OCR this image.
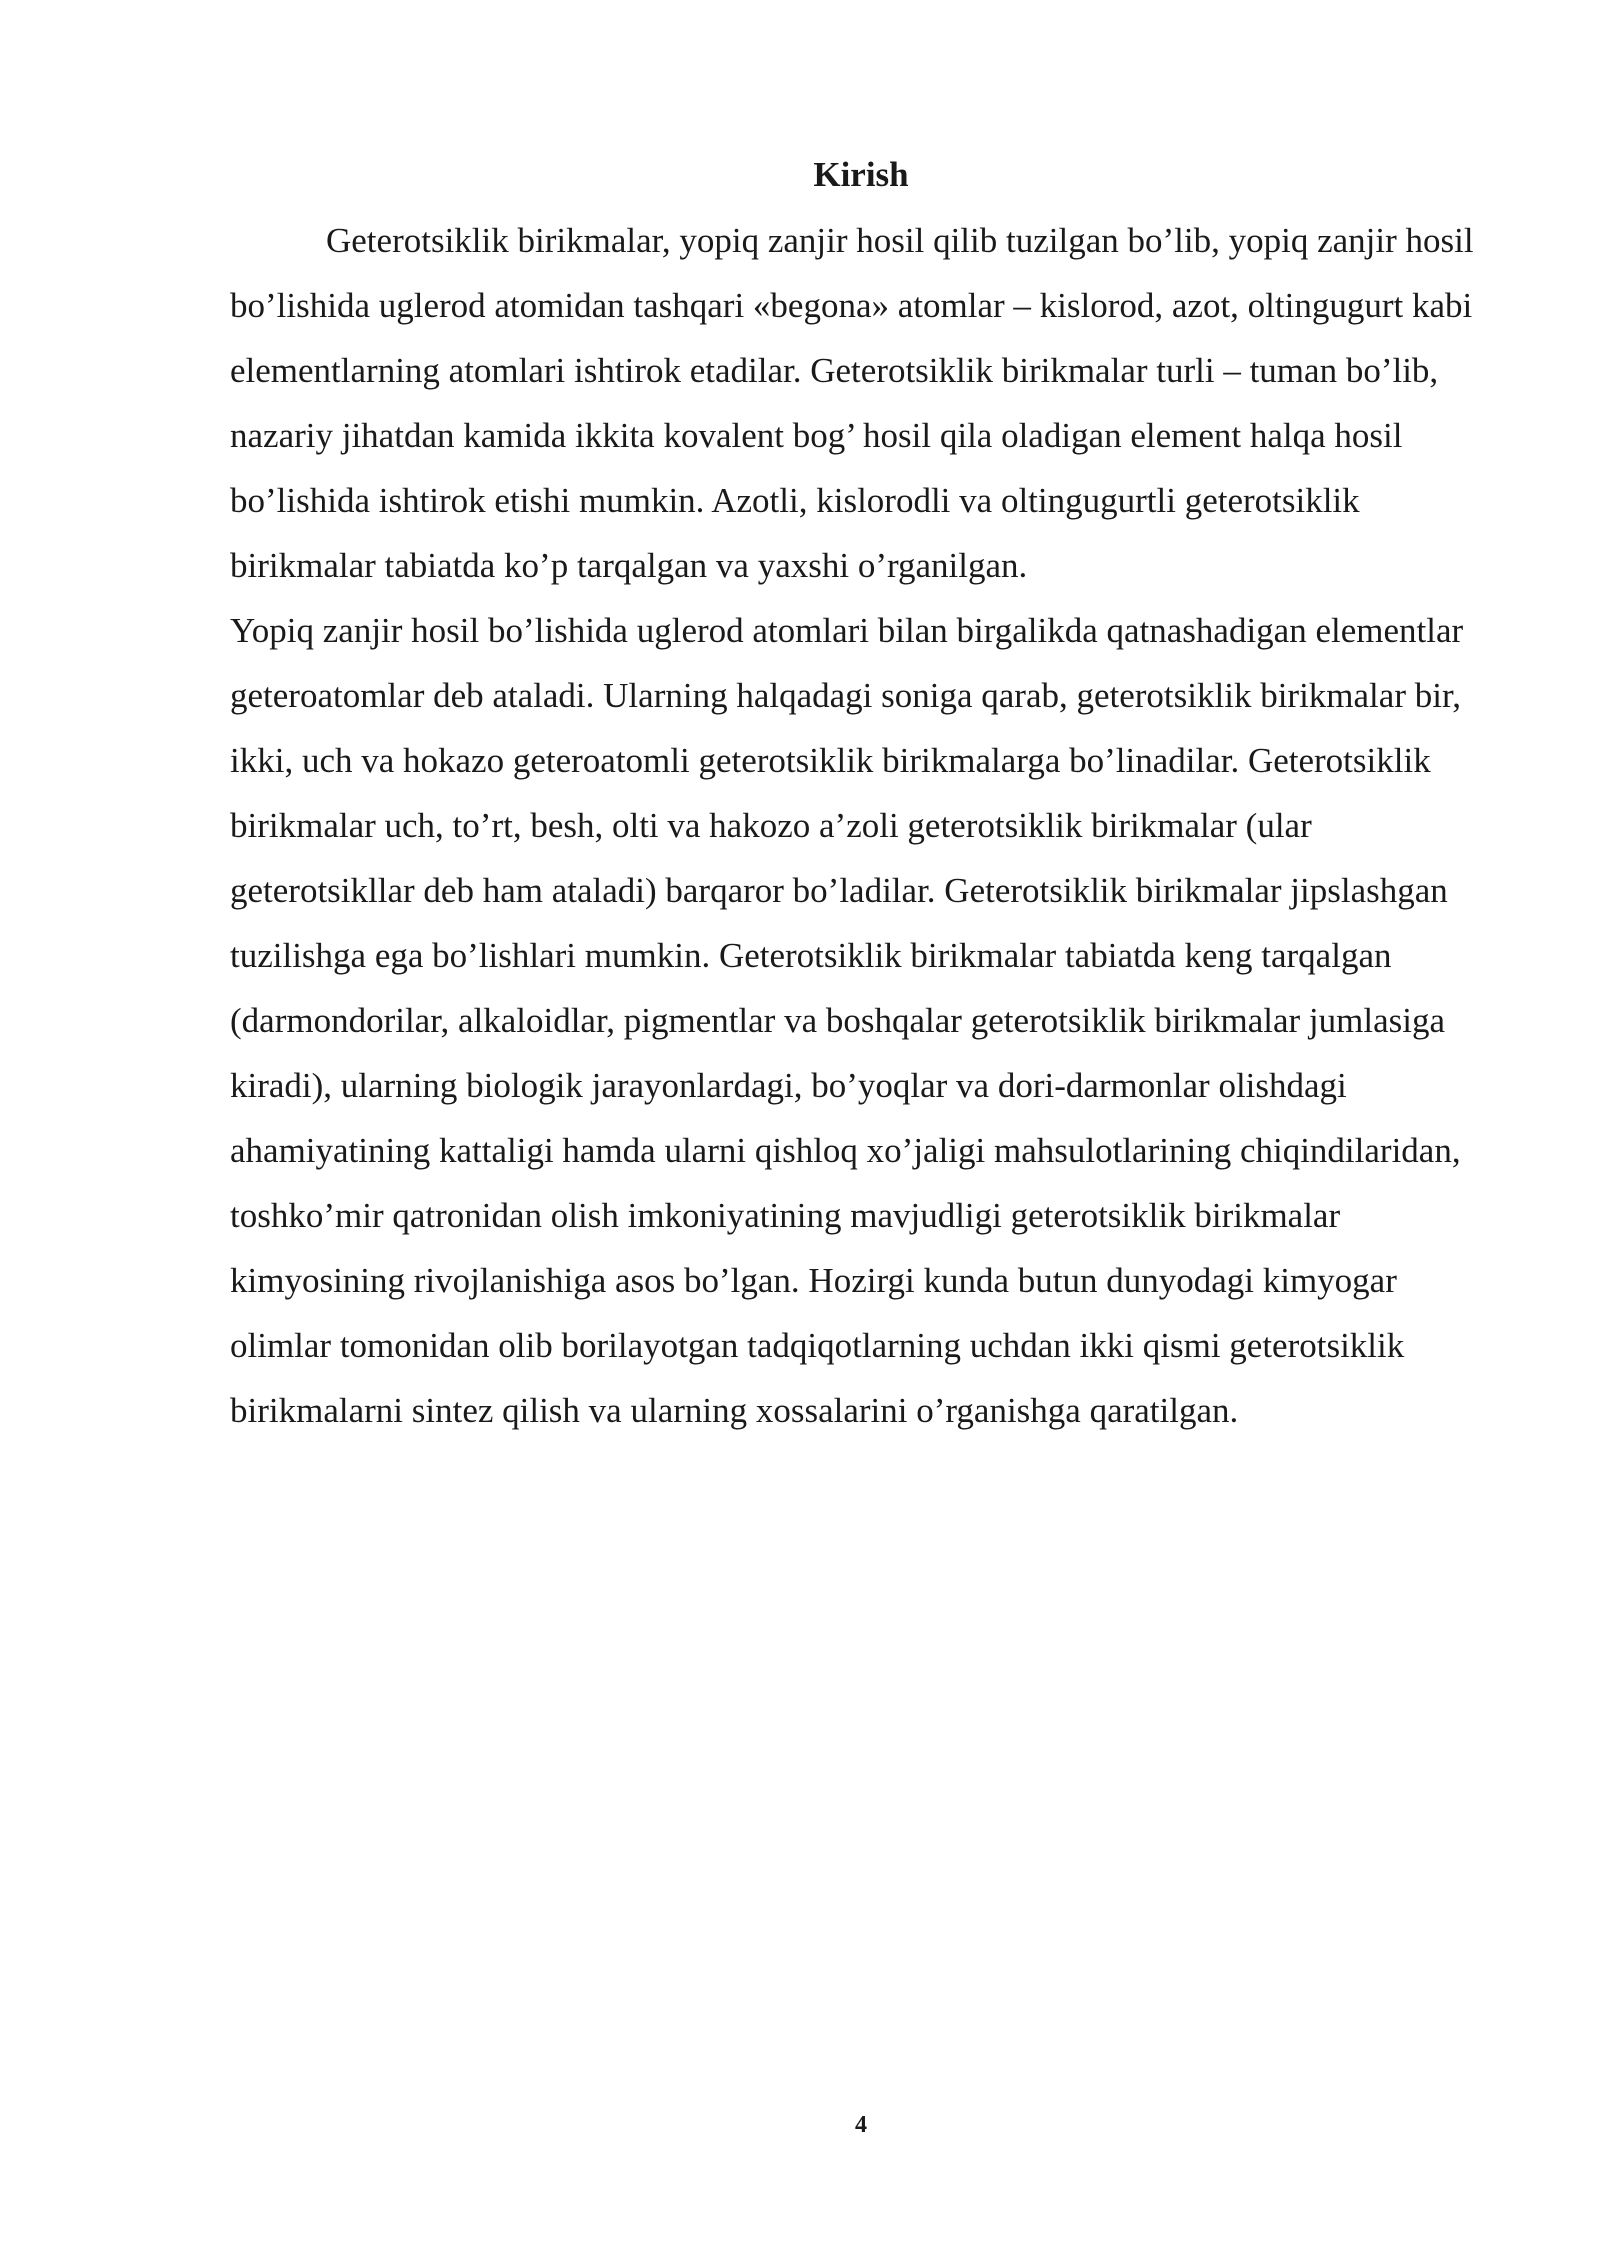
Kirish

Geterotsiklik birikmalar, yopiq zanjir hosil qilib tuzilgan bo’lib, yopiq zanjir hosil bo’lishida uglerod atomidan tashqari «begona» atomlar – kislorod, azot, oltingugurt kabi elementlarning atomlari ishtirok etadilar. Geterotsiklik birikmalar turli – tuman bo’lib, nazariy jihatdan kamida ikkita kovalent bog’ hosil qila oladigan element halqa hosil bo’lishida ishtirok etishi mumkin. Azotli, kislorodli va oltingugurtli geterotsiklik birikmalar tabiatda ko’p tarqalgan va yaxshi o’rganilgan.

Yopiq zanjir hosil bo’lishida uglerod atomlari bilan birgalikda qatnashadigan elementlar geteroatomlar deb ataladi. Ularning halqadagi soniga qarab, geterotsiklik birikmalar bir, ikki, uch va hokazo geteroatomli geterotsiklik birikmalarga bo’linadilar. Geterotsiklik birikmalar uch, to’rt, besh, olti va hakozo a’zoli geterotsiklik birikmalar (ular geterotsikllar deb ham ataladi) barqaror bo’ladilar. Geterotsiklik birikmalar jipslashgan tuzilishga ega bo’lishlari mumkin. Geterotsiklik birikmalar tabiatda keng tarqalgan (darmondorilar, alkaloidlar, pigmentlar va boshqalar geterotsiklik birikmalar jumlasiga kiradi), ularning biologik jarayonlardagi, bo’yoqlar va dori-darmonlar olishdagi ahamiyatining kattaligi hamda ularni qishloq xo’jaligi mahsulotlarining chiqindilaridan, toshko’mir qatronidan olish imkoniyatining mavjudligi geterotsiklik birikmalar kimyosining rivojlanishiga asos bo’lgan. Hozirgi kunda butun dunyodagi kimyogar olimlar tomonidan olib borilayotgan tadqiqotlarning uchdan ikki qismi geterotsiklik birikmalarni sintez qilish va ularning xossalarini o’rganishga qaratilgan.

4
